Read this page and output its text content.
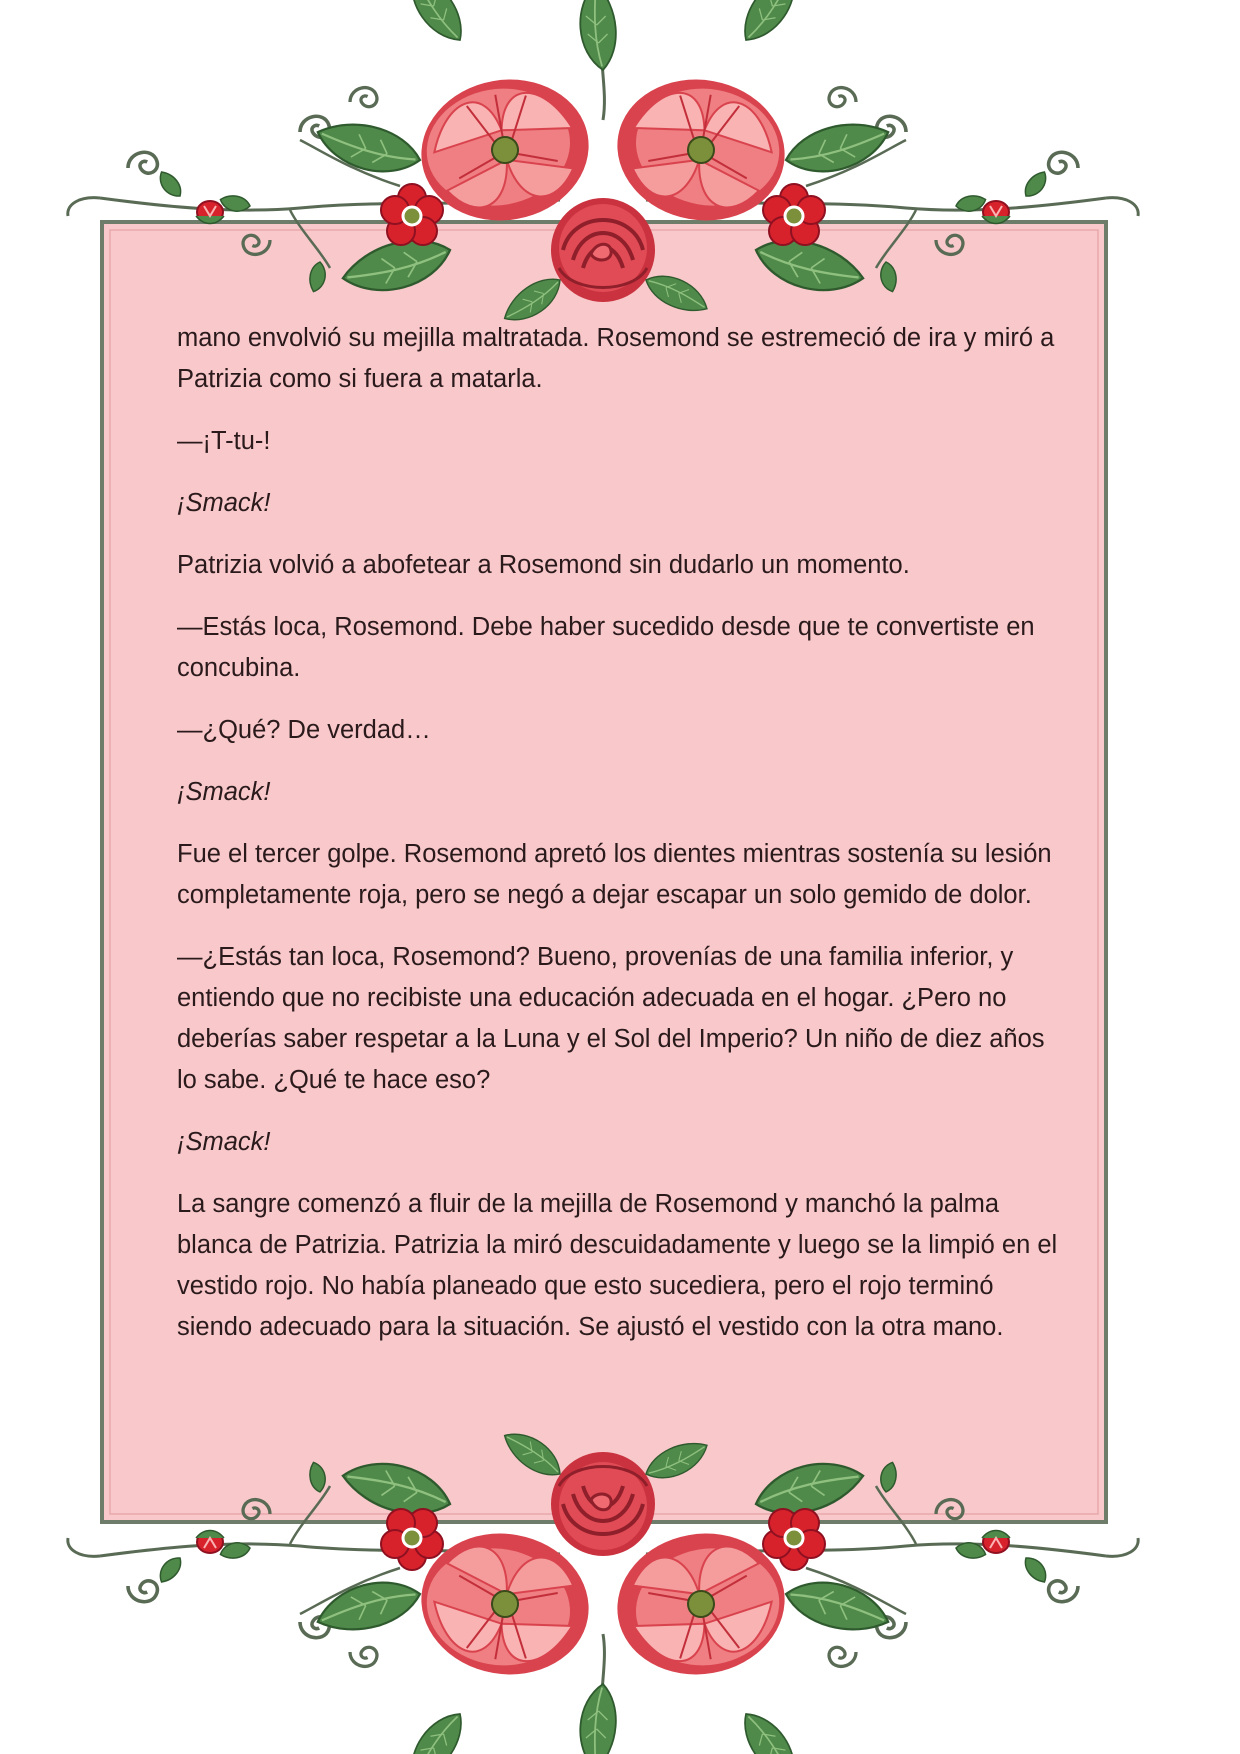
mano envolvió su mejilla maltratada. Rosemond se estremeció de ira y miró a Patrizia como si fuera a matarla.

—¡T-tu-!

¡Smack!

Patrizia volvió a abofetear a Rosemond sin dudarlo un momento.

—Estás loca, Rosemond. Debe haber sucedido desde que te convertiste en concubina.

—¿Qué? De verdad…

¡Smack!

Fue el tercer golpe. Rosemond apretó los dientes mientras sostenía su lesión completamente roja, pero se negó a dejar escapar un solo gemido de dolor.

—¿Estás tan loca, Rosemond? Bueno, provenías de una familia inferior, y entiendo que no recibiste una educación adecuada en el hogar. ¿Pero no deberías saber respetar a la Luna y el Sol del Imperio? Un niño de diez años lo sabe. ¿Qué te hace eso?

¡Smack!

La sangre comenzó a fluir de la mejilla de Rosemond y manchó la palma blanca de Patrizia. Patrizia la miró descuidadamente y luego se la limpió en el vestido rojo. No había planeado que esto sucediera, pero el rojo terminó siendo adecuado para la situación. Se ajustó el vestido con la otra mano.
